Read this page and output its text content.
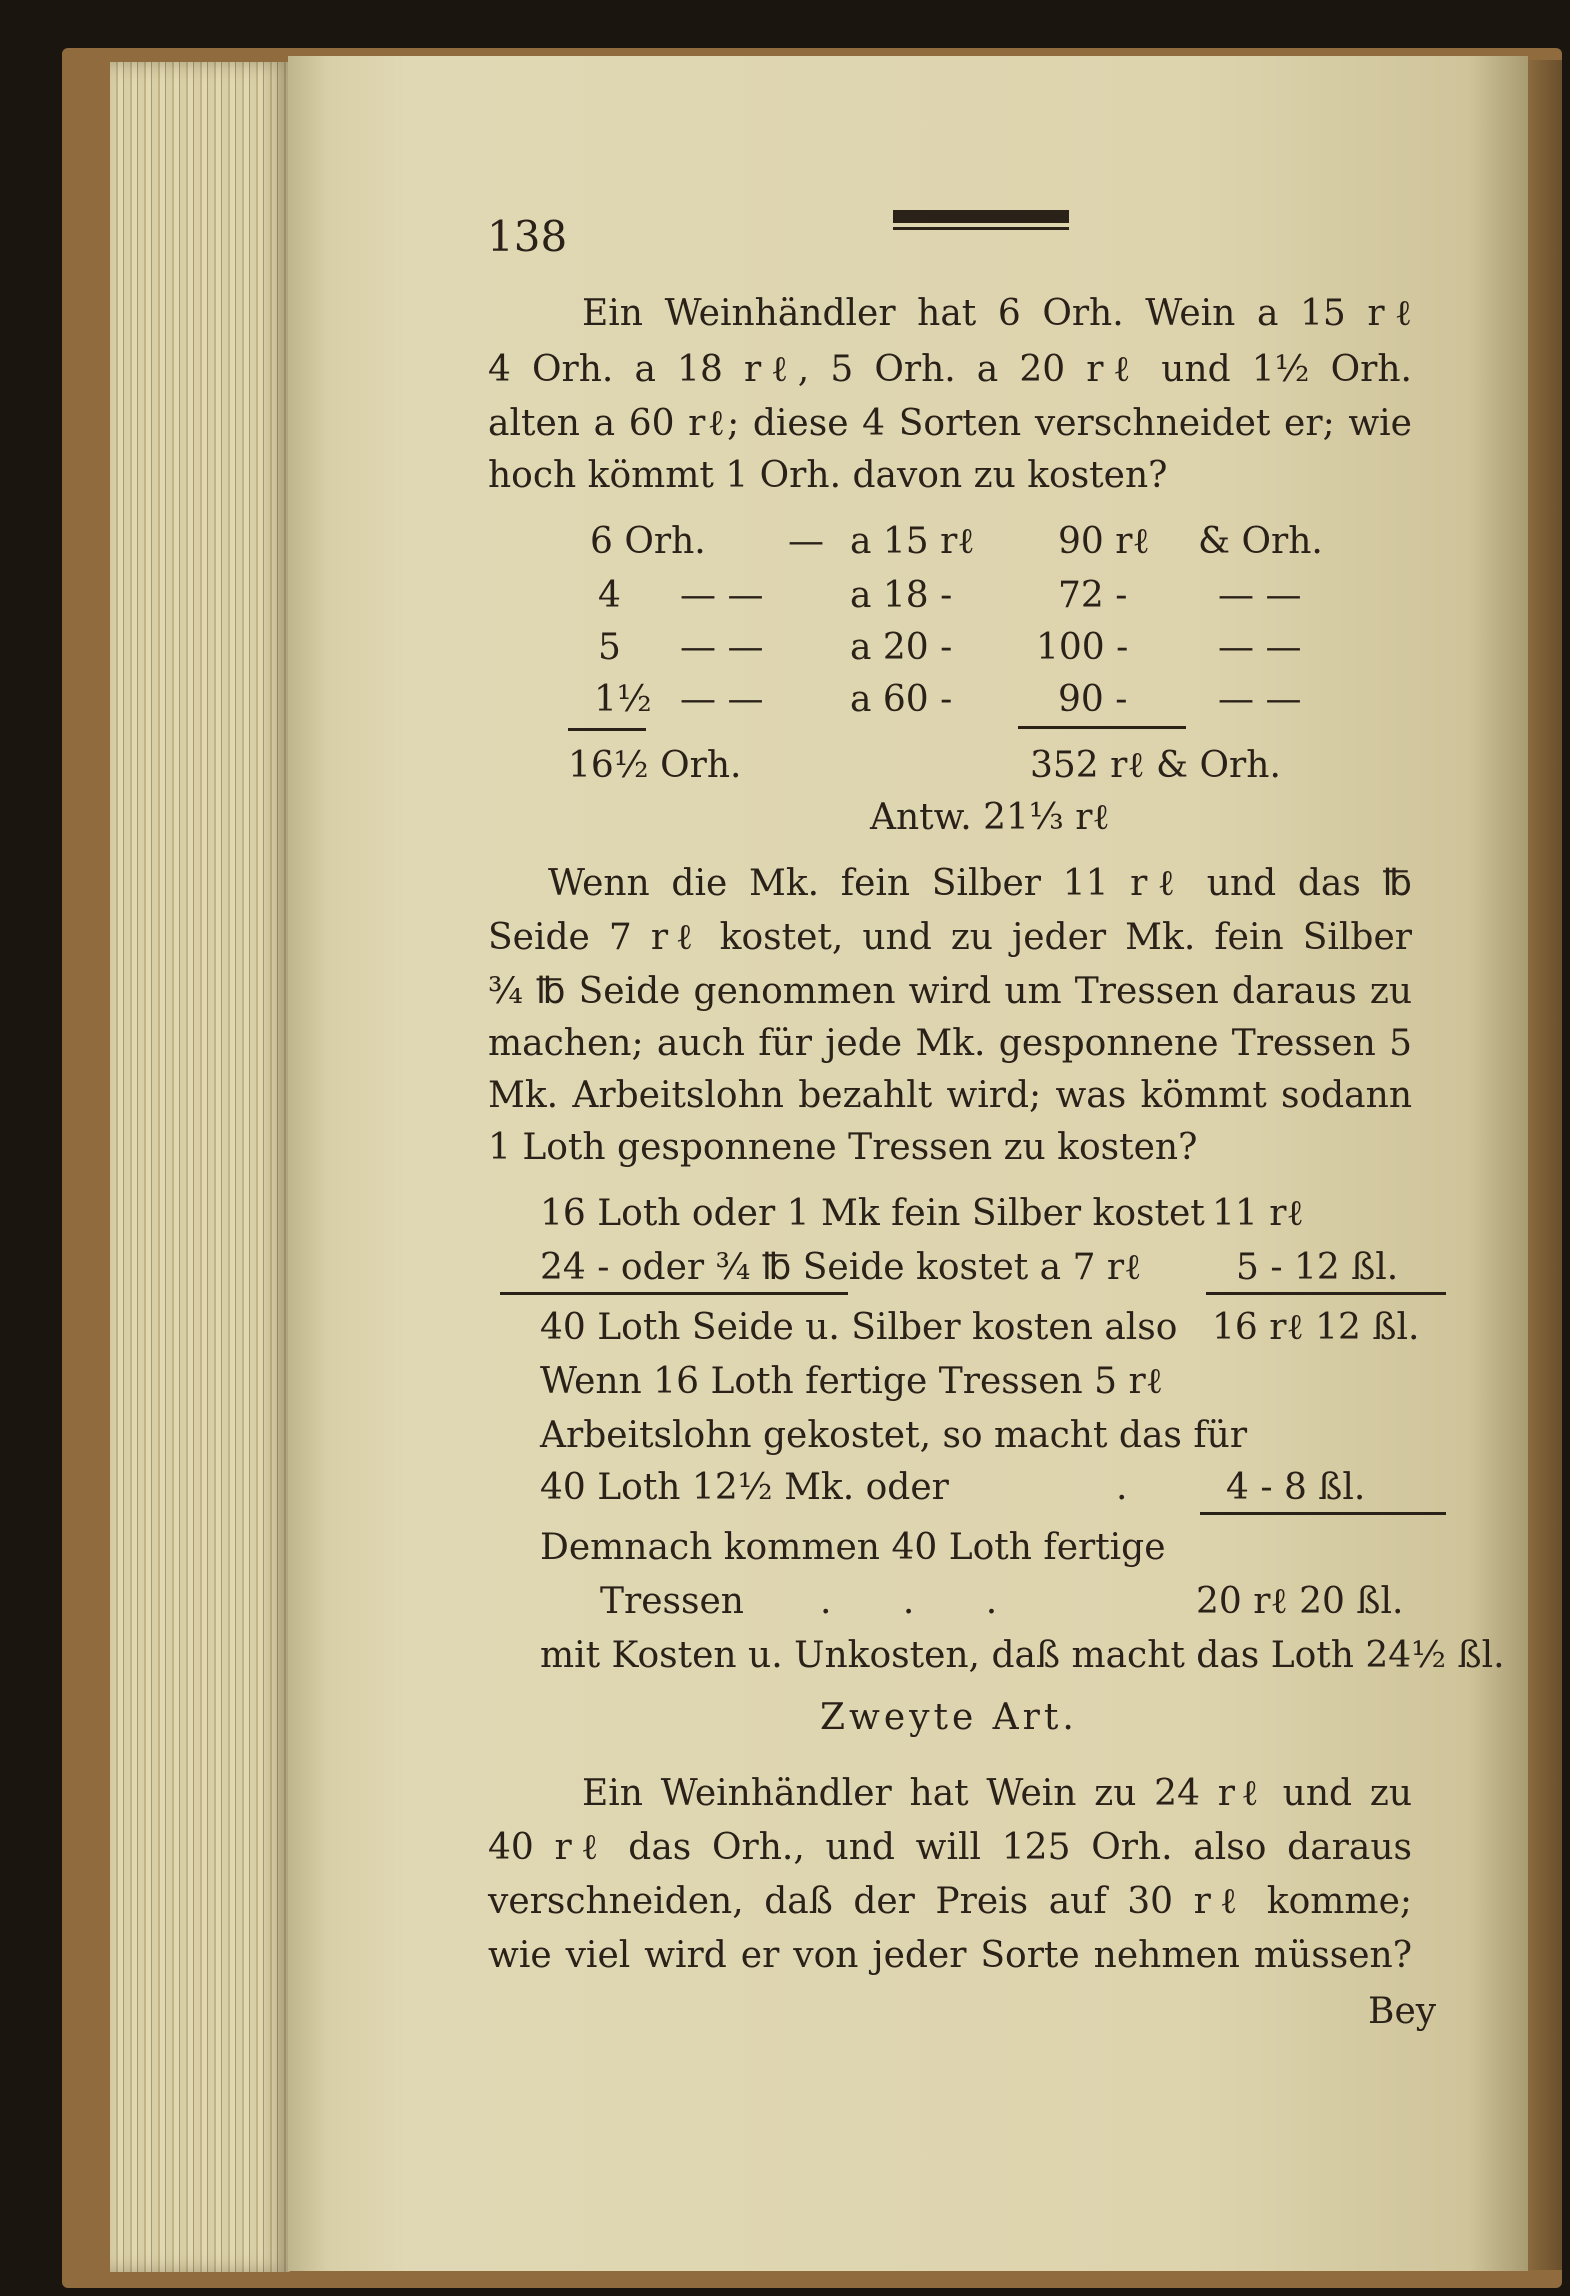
138
Ein Weinhändler hat 6 Orh. Wein a 15 rℓ
4 Orh. a 18 rℓ, 5 Orh. a 20 rℓ und 1½ Orh.
alten a 60 rℓ; diese 4 Sorten verschneidet er; wie
hoch kömmt 1 Orh. davon zu kosten?
6 Orh. — a 15 rℓ 90 rℓ & Orh.
4 — — a 18 -	72 -	— —
5 — — a 20 - 100 - — —
1½ — — a 60 -	90 -	— —
16½ Orh.	352 rℓ & Orh.
Antw. 21⅓ rℓ
Wenn die Mk. fein Silber 11 rℓ und das ℔
Seide 7 rℓ kostet, und zu jeder Mk. fein Silber
¾ ℔ Seide genommen wird um Tressen daraus zu
machen; auch für jede Mk. gesponnene Tressen 5
Mk. Arbeitslohn bezahlt wird; was kömmt sodann
1 Loth gesponnene Tressen zu kosten?
16 Loth oder 1 Mk fein Silber kostet 11 rℓ
24 - oder ¾ ℔ Seide kostet a 7 rℓ	5 - 12 ßl.
40 Loth Seide u. Silber kosten also 16 rℓ 12 ßl.
Wenn 16 Loth fertige Tressen 5 rℓ
Arbeitslohn gekostet, so macht das für
40 Loth 12½ Mk. oder	.	4 - 8 ßl.
Demnach kommen 40 Loth fertige
Tressen . . .	20 rℓ 20 ßl.
mit Kosten u. Unkosten, daß macht das Loth 24½ ßl.
Zweyte Art.
Ein Weinhändler hat Wein zu 24 rℓ und zu
40 rℓ das Orh., und will 125 Orh. also daraus
verschneiden, daß der Preis auf 30 rℓ komme;
wie viel wird er von jeder Sorte nehmen müssen?
Bey
